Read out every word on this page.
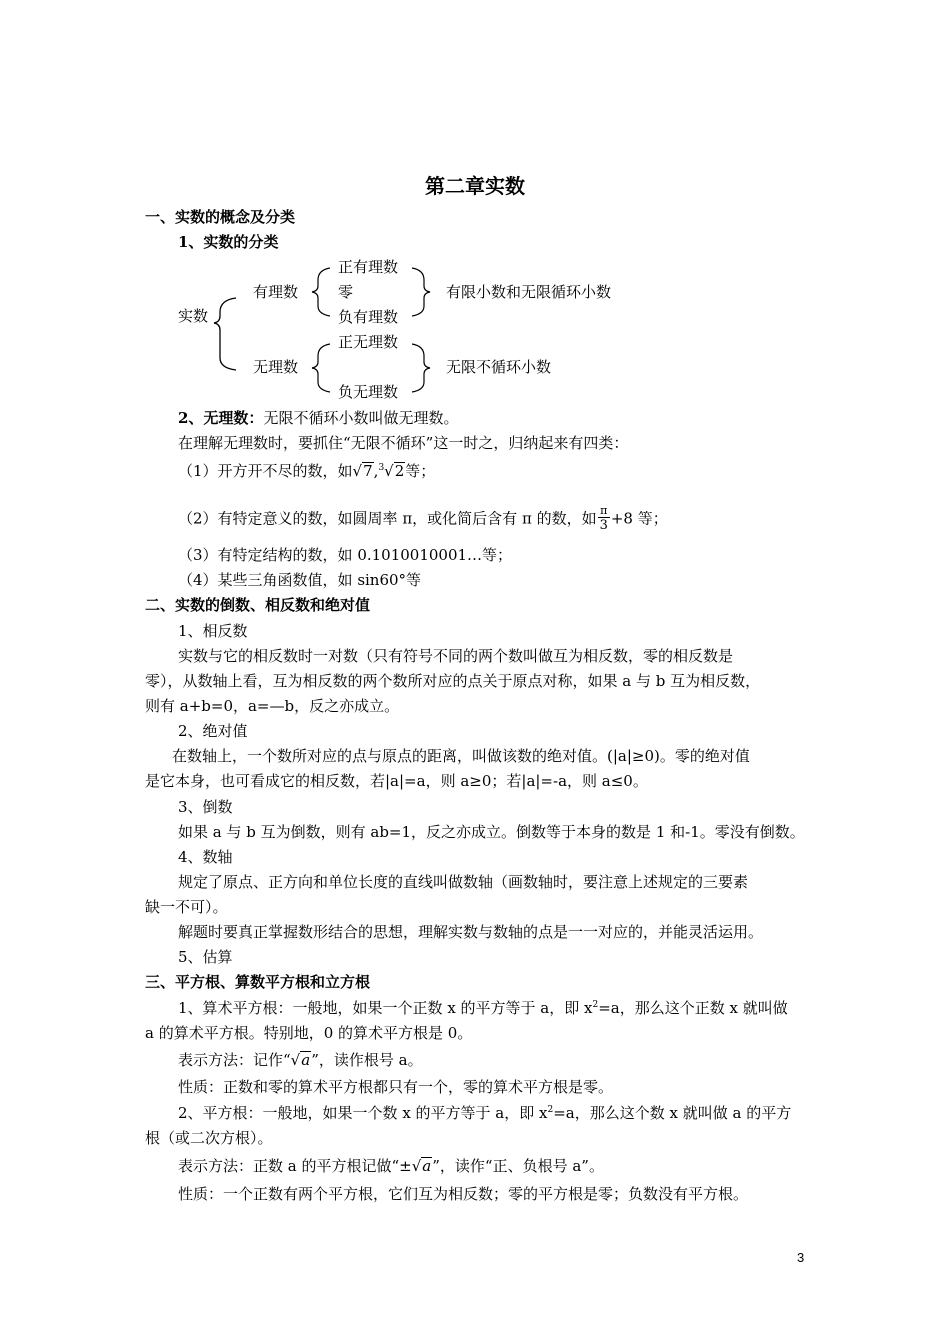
第二章实数
一、实数的概念及分类
1、实数的分类
实数
有理数
正有理数
零
负有理数
有限小数和无限循环小数
无理数
正无理数
负无理数
无限不循环小数
2、无理数：无限不循环小数叫做无理数。
在理解无理数时，要抓住“无限不循环”这一时之，归纳起来有四类：
（1）开方开不尽的数，如√7,$^3$√2等；
（2）有特定意义的数，如圆周率 π，或化简后含有 π 的数，如 $\frac{\pi}{3} +8$ 等；
（3）有特定结构的数，如 0.1010010001…等；
（4）某些三角函数值，如 sin60°等
二、实数的倒数、相反数和绝对值
1、相反数
实数与它的相反数时一对数（只有符号不同的两个数叫做互为相反数，零的相反数是
零），从数轴上看，互为相反数的两个数所对应的点关于原点对称，如果 a 与 b 互为相反数，
则有 a+b=0，a=—b，反之亦成立。
2、绝对值
在数轴上，一个数所对应的点与原点的距离，叫做该数的绝对值。(|a|≥0)。零的绝对值
是它本身，也可看成它的相反数，若|a|=a，则 a≥0；若|a|=-a，则 a≤0。
3、倒数
如果 a 与 b 互为倒数，则有 ab=1，反之亦成立。倒数等于本身的数是 1 和-1。零没有倒数。
4、数轴
规定了原点、正方向和单位长度的直线叫做数轴（画数轴时，要注意上述规定的三要素
缺一不可）。
解题时要真正掌握数形结合的思想，理解实数与数轴的点是一一对应的，并能灵活运用。
5、估算
三、平方根、算数平方根和立方根
1、算术平方根：一般地，如果一个正数 x 的平方等于 a，即 $x^2=a$，那么这个正数 x 就叫做
a 的算术平方根。特别地，0 的算术平方根是 0。
表示方法：记作“√a”，读作根号 a。
性质：正数和零的算术平方根都只有一个，零的算术平方根是零。
2、平方根：一般地，如果一个数 x 的平方等于 a，即 $x^2=a$，那么这个数 x 就叫做 a 的平方
根（或二次方根）。
表示方法：正数 a 的平方根记做“±√a”，读作“正、负根号 a”。
性质：一个正数有两个平方根，它们互为相反数；零的平方根是零；负数没有平方根。
3
